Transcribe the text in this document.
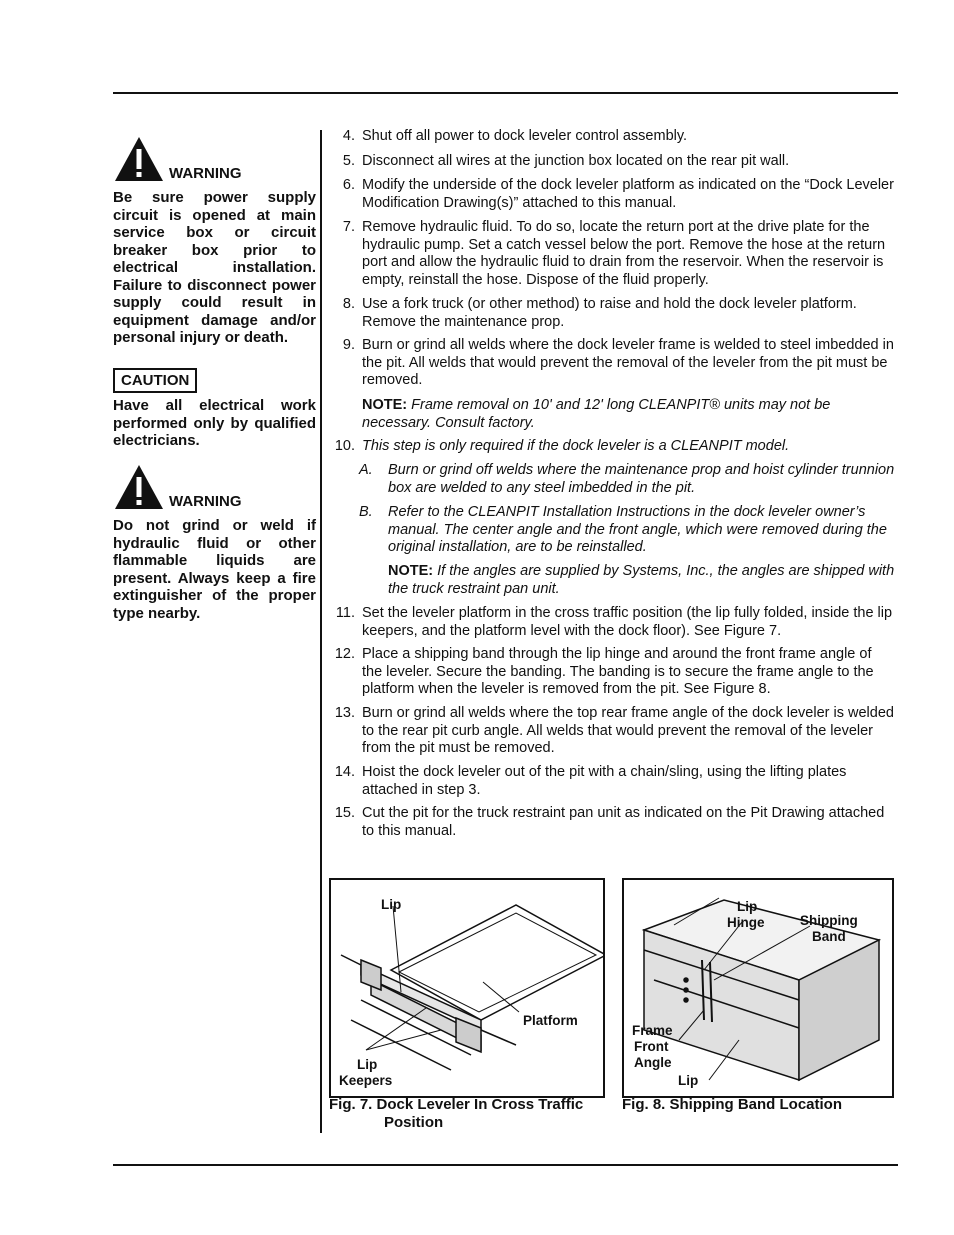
WARNING

Be sure power supply circuit is opened at main service box or circuit breaker box prior to electrical installation. Failure to disconnect power supply could result in equipment damage and/or personal injury or death.

CAUTION

Have all electrical work performed only by qualified electricians.

WARNING

Do not grind or weld if hydraulic fluid or other flammable liquids are present. Always keep a fire extinguisher of the proper type nearby.

4. Shut off all power to dock leveler control assembly.
5. Disconnect all wires at the junction box located on the rear pit wall.
6. Modify the underside of the dock leveler platform as indicated on the “Dock Leveler Modification Drawing(s)” attached to this manual.
7. Remove hydraulic fluid. To do so, locate the return port at the drive plate for the hydraulic pump. Set a catch vessel below the port. Remove the hose at the return port and allow the hydraulic fluid to drain from the reservoir. When the reservoir is empty, reinstall the hose. Dispose of the fluid properly.
8. Use a fork truck (or other method) to raise and hold the dock leveler platform. Remove the maintenance prop.
9. Burn or grind all welds where the dock leveler frame is welded to steel imbedded in the pit. All welds that would prevent the removal of the leveler from the pit must be removed.
NOTE: Frame removal on 10' and 12' long CLEANPIT® units may not be necessary. Consult factory.
10. This step is only required if the dock leveler is a CLEANPIT model.
A. Burn or grind off welds where the maintenance prop and hoist cylinder trunnion box are welded to any steel imbedded in the pit.
B. Refer to the CLEANPIT Installation Instructions in the dock leveler owner’s manual. The center angle and the front angle, which were removed during the original installation, are to be reinstalled.
NOTE: If the angles are supplied by Systems, Inc., the angles are shipped with the truck restraint pan unit.
11. Set the leveler platform in the cross traffic position (the lip fully folded, inside the lip keepers, and the platform level with the dock floor). See Figure 7.
12. Place a shipping band through the lip hinge and around the front frame angle of the leveler. Secure the banding. The banding is to secure the frame angle to the platform when the leveler is removed from the pit. See Figure 8.
13. Burn or grind all welds where the top rear frame angle of the dock leveler is welded to the rear pit curb angle. All welds that would prevent the removal of the leveler from the pit must be removed.
14. Hoist the dock leveler out of the pit with a chain/sling, using the lifting plates attached in step 3.
15. Cut the pit for the truck restraint pan unit as indicated on the Pit Drawing attached to this manual.
Lip
Platform
Lip
Keepers
Fig. 7. Dock Leveler In Cross Traffic
Position
Lip
Hinge	Shipping
Band
Frame
Front
Angle
Lip
Fig. 8. Shipping Band Location
